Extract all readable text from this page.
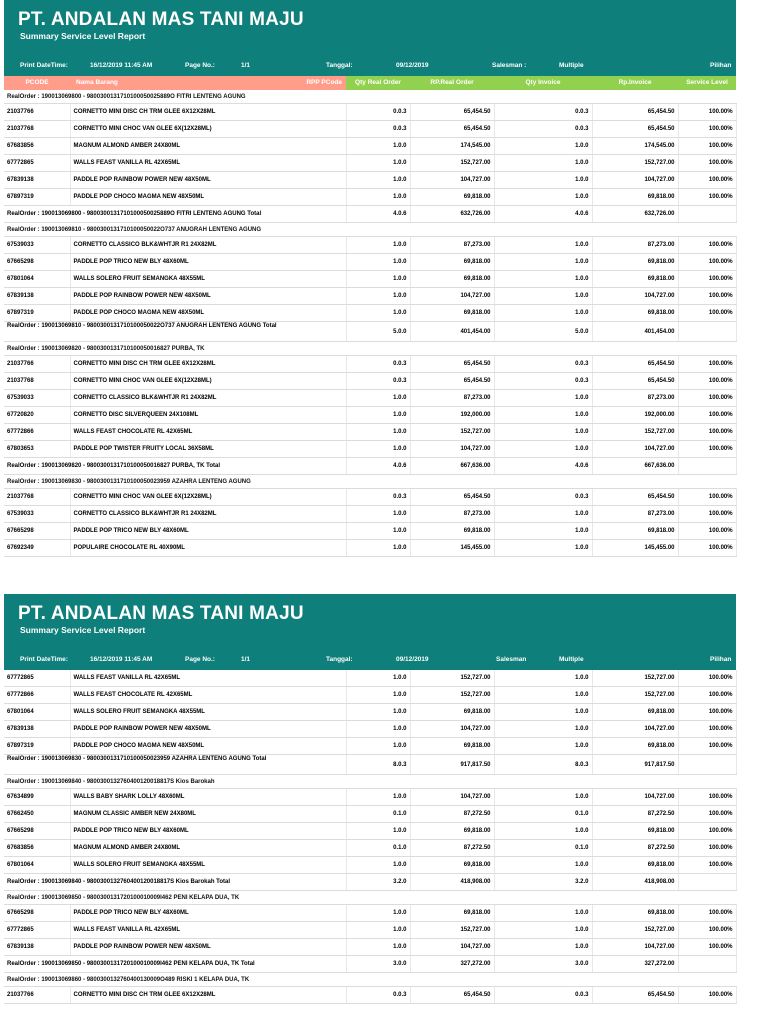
PT. ANDALAN MAS TANI MAJU
Summary Service Level Report
Print DateTime:	16/12/2019 11:45 AM	Page No.:	1/1	Tanggal:	09/12/2019	Salesman :	Multiple	Pilihan
PCODE	Nama Barang	RPP PCode	Qty Real Order	RP.Real Order	Qty Invoice	Rp.Invoice	Service Level
RealOrder : 190013069800 - 9800300131710100050025889O FITRI LENTENG AGUNG						
21037766	CORNETTO MINI DISC CH TRM GLEE 6X12X28ML		0.0.3	65,454.50	0.0.3	65,454.50	100.00%
21037768	CORNETTO MINI CHOC VAN GLEE 6X(12X28ML)		0.0.3	65,454.50	0.0.3	65,454.50	100.00%
67683856	MAGNUM ALMOND AMBER 24X80ML		1.0.0	174,545.00	1.0.0	174,545.00	100.00%
67772865	WALLS FEAST VANILLA RL 42X65ML		1.0.0	152,727.00	1.0.0	152,727.00	100.00%
67839138	PADDLE POP RAINBOW POWER NEW 48X50ML		1.0.0	104,727.00	1.0.0	104,727.00	100.00%
67897319	PADDLE POP CHOCO MAGMA NEW 48X50ML		1.0.0	69,818.00	1.0.0	69,818.00	100.00%
RealOrder : 190013069800 - 9800300131710100050025889O FITRI LENTENG AGUNG Total		4.0.6	632,726.00	4.0.6	632,726.00	
RealOrder : 190013069810 - 9800300131710100050022O737 ANUGRAH LENTENG AGUNG						
67539033	CORNETTO CLASSICO BLK&WHTJR R1 24X82ML		1.0.0	87,273.00	1.0.0	87,273.00	100.00%
67665298	PADDLE POP TRICO NEW BLY 48X60ML		1.0.0	69,818.00	1.0.0	69,818.00	100.00%
67801064	WALLS SOLERO FRUIT SEMANGKA 48X55ML		1.0.0	69,818.00	1.0.0	69,818.00	100.00%
67839138	PADDLE POP RAINBOW POWER NEW 48X50ML		1.0.0	104,727.00	1.0.0	104,727.00	100.00%
67897319	PADDLE POP CHOCO MAGMA NEW 48X50ML		1.0.0	69,818.00	1.0.0	69,818.00	100.00%
RealOrder : 190013069810 - 9800300131710100050022O737 ANUGRAH LENTENG AGUNG Total		5.0.0	401,454.00	5.0.0	401,454.00	
RealOrder : 190013069820 - 9800300131710100050016827 PURBA, TK						
21037766	CORNETTO MINI DISC CH TRM GLEE 6X12X28ML		0.0.3	65,454.50	0.0.3	65,454.50	100.00%
21037768	CORNETTO MINI CHOC VAN GLEE 6X(12X28ML)		0.0.3	65,454.50	0.0.3	65,454.50	100.00%
67539033	CORNETTO CLASSICO BLK&WHTJR R1 24X82ML		1.0.0	87,273.00	1.0.0	87,273.00	100.00%
67720820	CORNETTO DISC SILVERQUEEN 24X108ML		1.0.0	192,000.00	1.0.0	192,000.00	100.00%
67772866	WALLS FEAST CHOCOLATE RL 42X65ML		1.0.0	152,727.00	1.0.0	152,727.00	100.00%
67803653	PADDLE POP TWISTER FRUITY LOCAL 36X58ML		1.0.0	104,727.00	1.0.0	104,727.00	100.00%
RealOrder : 190013069820 - 9800300131710100050016827 PURBA, TK Total		4.0.6	667,636.00	4.0.6	667,636.00	
RealOrder : 190013069830 - 9800300131710100050023959 AZAHRA LENTENG AGUNG						
21037768	CORNETTO MINI CHOC VAN GLEE 6X(12X28ML)		0.0.3	65,454.50	0.0.3	65,454.50	100.00%
67539033	CORNETTO CLASSICO BLK&WHTJR R1 24X82ML		1.0.0	87,273.00	1.0.0	87,273.00	100.00%
67665298	PADDLE POP TRICO NEW BLY 48X60ML		1.0.0	69,818.00	1.0.0	69,818.00	100.00%
67692349	POPULAIRE CHOCOLATE RL 40X90ML		1.0.0	145,455.00	1.0.0	145,455.00	100.00%
PT. ANDALAN MAS TANI MAJU
Summary Service Level Report
Print DateTime:	16/12/2019 11:45 AM	Page No.:	1/1	Tanggal:	09/12/2019	Salesman	Multiple	Pilihan
67772865	WALLS FEAST VANILLA RL 42X65ML		1.0.0	152,727.00	1.0.0	152,727.00	100.00%
67772866	WALLS FEAST CHOCOLATE RL 42X65ML		1.0.0	152,727.00	1.0.0	152,727.00	100.00%
67801064	WALLS SOLERO FRUIT SEMANGKA 48X55ML		1.0.0	69,818.00	1.0.0	69,818.00	100.00%
67839138	PADDLE POP RAINBOW POWER NEW 48X50ML		1.0.0	104,727.00	1.0.0	104,727.00	100.00%
67897319	PADDLE POP CHOCO MAGMA NEW 48X50ML		1.0.0	69,818.00	1.0.0	69,818.00	100.00%
RealOrder : 190013069830 - 9800300131710100050023959 AZAHRA LENTENG AGUNG Total		8.0.3	917,817.50	8.0.3	917,817.50	
RealOrder : 190013069840 - 9800300132760400120018817S Kios Barokah						
67634899	WALLS BABY SHARK LOLLY 48X60ML		1.0.0	104,727.00	1.0.0	104,727.00	100.00%
67662450	MAGNUM CLASSIC AMBER NEW 24X80ML		0.1.0	87,272.50	0.1.0	87,272.50	100.00%
67665298	PADDLE POP TRICO NEW BLY 48X60ML		1.0.0	69,818.00	1.0.0	69,818.00	100.00%
67683856	MAGNUM ALMOND AMBER 24X80ML		0.1.0	87,272.50	0.1.0	87,272.50	100.00%
67801064	WALLS SOLERO FRUIT SEMANGKA 48X55ML		1.0.0	69,818.00	1.0.0	69,818.00	100.00%
RealOrder : 190013069840 - 9800300132760400120018817S Kios Barokah Total		3.2.0	418,908.00	3.2.0	418,908.00	
RealOrder : 190013069850 - 9800300131720100010009I462 PENI KELAPA DUA, TK						
67665298	PADDLE POP TRICO NEW BLY 48X60ML		1.0.0	69,818.00	1.0.0	69,818.00	100.00%
67772865	WALLS FEAST VANILLA RL 42X65ML		1.0.0	152,727.00	1.0.0	152,727.00	100.00%
67839138	PADDLE POP RAINBOW POWER NEW 48X50ML		1.0.0	104,727.00	1.0.0	104,727.00	100.00%
RealOrder : 190013069850 - 9800300131720100010009I462 PENI KELAPA DUA, TK Total		3.0.0	327,272.00	3.0.0	327,272.00	
RealOrder : 190013069860 - 9800300132760400130009O489 RISKI 1 KELAPA DUA, TK						
21037766	CORNETTO MINI DISC CH TRM GLEE 6X12X28ML		0.0.3	65,454.50	0.0.3	65,454.50	100.00%
